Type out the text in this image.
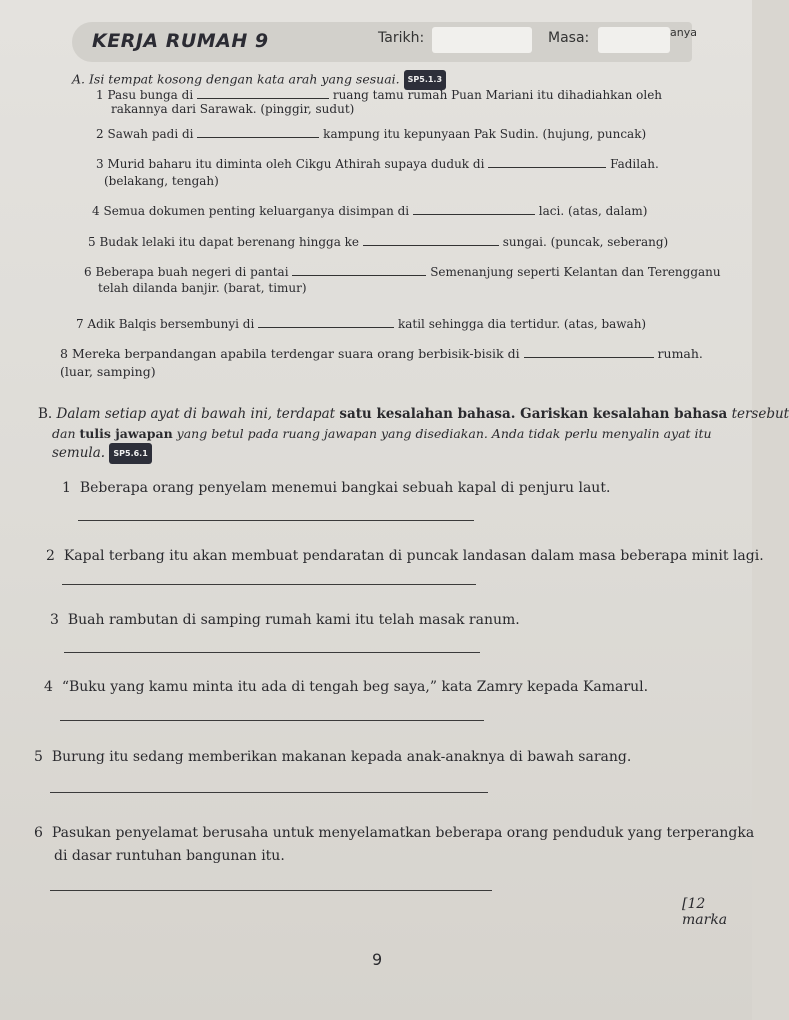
KERJA RUMAH 9	Tarikh:	Masa:	anya
A. Isi tempat kosong dengan kata arah yang sesuai. SP5.1.3
1 Pasu bunga di	ruang tamu rumah Puan Mariani itu dihadiahkan oleh
rakannya dari Sarawak. (pinggir, sudut)
2 Sawah padi di	kampung itu kepunyaan Pak Sudin. (hujung, puncak)
3 Murid baharu itu diminta oleh Cikgu Athirah supaya duduk di	Fadilah.
(belakang, tengah)
4 Semua dokumen penting keluarganya disimpan di	laci. (atas, dalam)
5 Budak lelaki itu dapat berenang hingga ke	sungai. (puncak, seberang)
6 Beberapa buah negeri di pantai	Semenanjung seperti Kelantan dan Terengganu
telah dilanda banjir. (barat, timur)
7 Adik Balqis bersembunyi di	katil sehingga dia tertidur. (atas, bawah)
8 Mereka berpandangan apabila terdengar suara orang berbisik-bisik di	rumah.
(luar, samping)
B. Dalam setiap ayat di bawah ini, terdapat satu kesalahan bahasa. Gariskan kesalahan bahasa tersebut
dan tulis jawapan yang betul pada ruang jawapan yang disediakan. Anda tidak perlu menyalin ayat itu
semula. SP5.6.1
1 Beberapa orang penyelam menemui bangkai sebuah kapal di penjuru laut.
2 Kapal terbang itu akan membuat pendaratan di puncak landasan dalam masa beberapa minit lagi.
3 Buah rambutan di samping rumah kami itu telah masak ranum.
4 “Buku yang kamu minta itu ada di tengah beg saya,” kata Zamry kepada Kamarul.
5 Burung itu sedang memberikan makanan kepada anak-anaknya di bawah sarang.
6 Pasukan penyelamat berusaha untuk menyelamatkan beberapa orang penduduk yang terperangka
di dasar runtuhan bangunan itu.
[12 marka
9
